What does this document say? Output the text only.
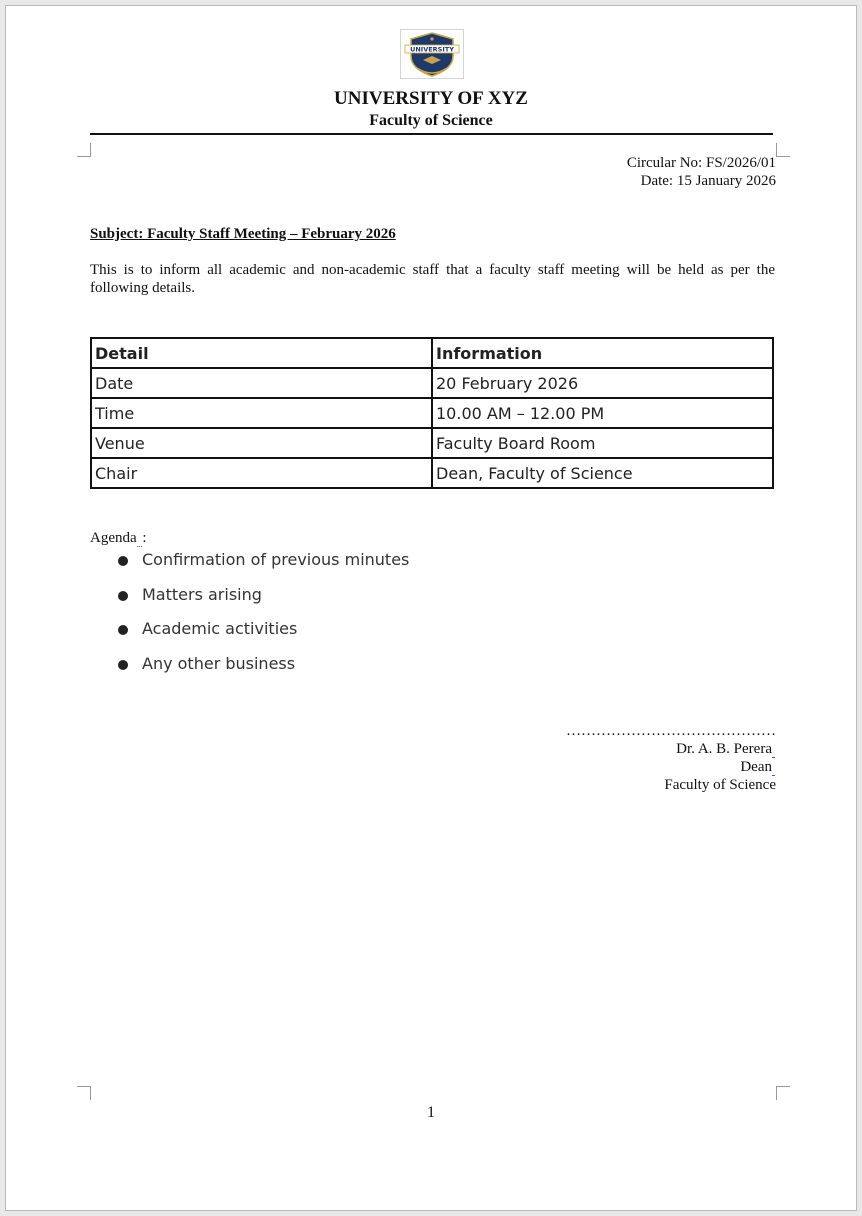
UNIVERSITY
UNIVERSITY OF XYZ
Faculty of Science
Circular No: FS/2026/01
Date: 15 January 2026
Subject: Faculty Staff Meeting – February 2026
This is to inform all academic and non-academic staff that a faculty staff meeting will be held as per the following details.
Detail	Information
Date	20 February 2026
Time	10.00 AM – 12.00 PM
Venue	Faculty Board Room
Chair	Dean, Faculty of Science
Agenda :
Confirmation of previous minutes
Matters arising
Academic activities
Any other business
……………………………………
Dr. A. B. Perera
Dean
Faculty of Science
1
